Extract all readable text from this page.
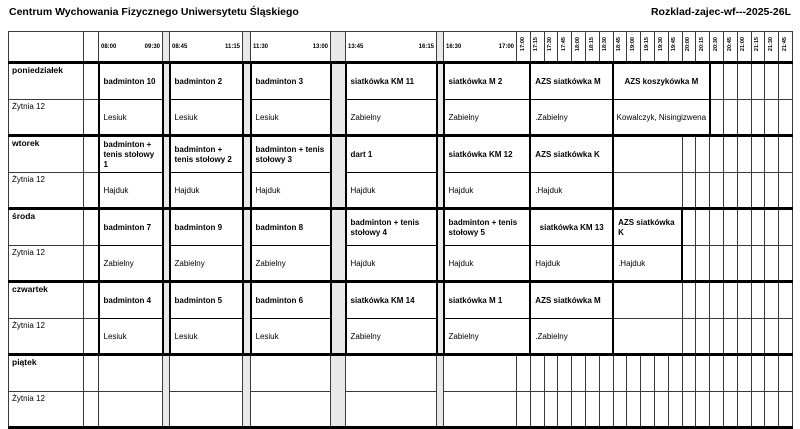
Centrum Wychowania Fizycznego Uniwersytetu Śląskiego	Rozklad-zajec-wf---2025-26L

		08:00 09:30		08:45 11:15		11:30 13:00		13:45 16:15		16:30 17:00	17:00	17:15	17:30	17:45	18:00	18:15	18:30	18:45	19:00	19:15	19:30	19:45	20:00	20:15	20:30	20:45	21:00	21:15	21:30	21:45
poniedziałek		badminton 10		badminton 2		badminton 3		siatkówka KM 11		siatkówka M 2		AZS siatkówka M						AZS koszykówka M												
Żytnia 12		Lesiuk		Lesiuk		Lesiuk		Zabielny		Zabielny		.Zabielny						Kowalczyk, Nisingizwena												
wtorek		badminton + tenis stołowy 1		badminton + tenis stołowy 2		badminton + tenis stołowy 3		dart 1		siatkówka KM 12		AZS siatkówka K																		
Żytnia 12		Hajduk		Hajduk		Hajduk		Hajduk		Hajduk		.Hajduk																		
środa		badminton 7		badminton 9		badminton 8		badminton + tenis stołowy 4		badminton + tenis stołowy 5		siatkówka KM 13						AZS siatkówka K												
Zytnia 12		Zabielny		Zabielny		Zabielny		Hajduk		Hajduk		Hajduk						.Hajduk												
czwartek		badminton 4		badminton 5		badminton 6		siatkówka KM 14		siatkówka M 1		AZS siatkówka M																		
Żytnia 12		Lesiuk		Lesiuk		Lesiuk		Zabielny		Zabielny		.Zabielny																		
piątek																														
Żytnia 12																														
